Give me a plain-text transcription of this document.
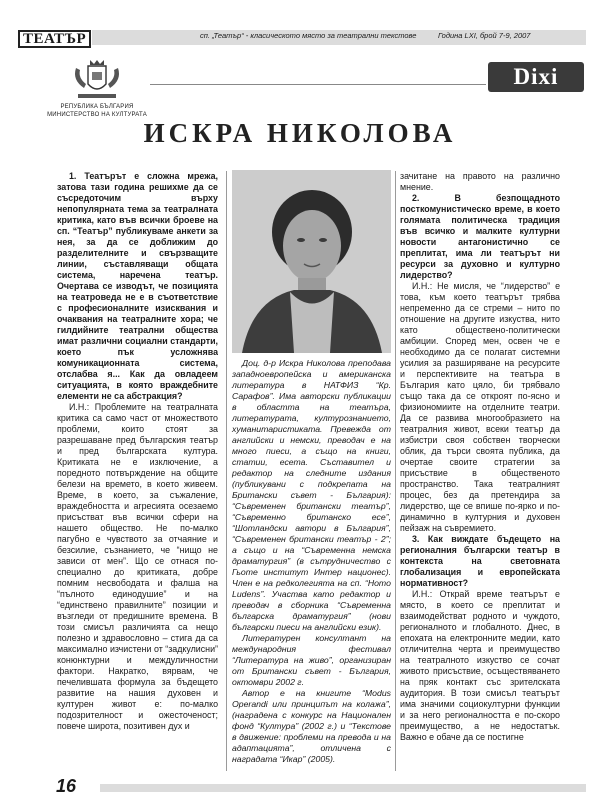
ТЕАТЪР	сп. „Театър“ - класическото място за театрални текстове	Година LXI, брой 7-9, 2007
РЕПУБЛИКА БЪЛГАРИЯ
МИНИСТЕРСТВО НА КУЛТУРАТА
Dixi
ИСКРА НИКОЛОВА

1. Театърът е сложна мрежа, затова тази година решихме да се съсредоточим върху непопулярната тема за театралната критика, като във всички броеве на сп. “Театър” публикуваме анкети за нея, за да се доближим до разделителните и свързващите линии, съставляващи общата система, наречена театър. Очертава се изводът, че позицията на театроведа не е в съответствие с професионалните изисквания и очаквания на театралните хора; че гилдийните театрални общества имат различни социални стандарти, което пък усложнява комуникационната система, отслабва я... Как да овладеем ситуацията, в която враждебните елементи не са абстракция?

И.Н.: Проблемите на театралната критика са само част от множеството проблеми, които стоят за разрешаване пред българския театър и пред българската култура. Критиката не е изключение, а поредното потвърждение на общите белези на времето, в което живеем. Време, в което, за съжаление, враждебността и агресията осезаемо присъстват във всички сфери на нашето общество. Не по-малко пагубно е чувството за отчаяние и безсилие, съзнанието, че “нищо не зависи от мен”. Що се отнася по-специално до критиката, добре помним несвободата и фалша на “пълното единодушие” и на “единствено правилните” позиции и възгледи от предишните времена. В този смисъл различията са нещо полезно и здравословно – стига да са максимално изчистени от “задкулисни” конюнктурни и междуличностни фактори. Накратко, вярвам, че печелившата формула за бъдещето развитие на нашия духовен и културен живот е: по-малко подозрителност и ожесточеност; повече широта, позитивен дух и

Доц. д-р Искра Николова преподава западноевропейска и американска литература в НАТФИЗ “Кр. Сарафов”. Има авторски публикации в областта на театъра, литературата, културознанието, хуманитаристиката. Превежда от английски и немски, преводач е на много пиеси, а също на книги, статии, есета. Съставител и редактор на следните издания (публикувани с подкрепата на Британски съвет - България): “Съвременен британски театър”, “Съвременно британско есе”, “Шотландски автори в България”, “Съвременен британски театър - 2”; а също и на “Съвременна немска драматургия” (в сътрудничество с Гьоте институт Интер национес). Член е на редколегията на сп. “Homo Ludens”. Участва като редактор и преводач в сборника “Съвременна българска драматургия” (нови български пиеси на английски език).

Литературен консултант на международния фестивал “Литература на живо”, организиран от Британски съвет - България, октомври 2002 г.

Автор е на книгите “Modus Operandi или принципът на колажа”, (наградена с конкурс на Национален фонд “Култура” (2002 г.) и “Текстове в движение: проблеми на превода и на адаптацията”, отличена с наградата “Икар” (2005).

зачитане на правото на различно мнение.

2. В безпощадното посткомунистическо време, в което голямата политическа традиция във всичко и малките културни новости антагонистично се преплитат, има ли театърът ни ресурси за духовно и културно лидерство?

И.Н.: Не мисля, че “лидерство” е това, към което театърът трябва непременно да се стреми – нито по отношение на другите изкуства, нито като обществено-политически амбиции. Според мен, освен че е необходимо да се полагат системни усилия за разширяване на ресурсите и перспективите на театъра в България като цяло, би трябвало също така да се откроят по-ясно и физиономиите на отделните театри. Да се развива многообразието на театралния живот, всеки театър да избистри своя собствен творчески облик, да търси своята публика, да очертае своите стратегии за присъствие в общественото пространство. Така театралният процес, без да претендира за лидерство, ще се впише по-ярко и по-динамично в културния и духовен пейзаж на съвремието.

3. Как виждате бъдещето на регионалния български театър в контекста на световната глобализация и европейската нормативност?

И.Н.: Открай време театърът е място, в което се преплитат и взаимодействат родното и чуждото, регионалното и глобалното. Днес, в епохата на електронните медии, като отличителна черта и преимущество на театралното изкуство се сочат живото присъствие, осъществяването на пряк контакт със зрителската аудитория. В този смисъл театърът има значими социокултурни функции и за него регионалността е по-скоро преимущество, а не недостатък. Важно е обаче да се постигне

16
